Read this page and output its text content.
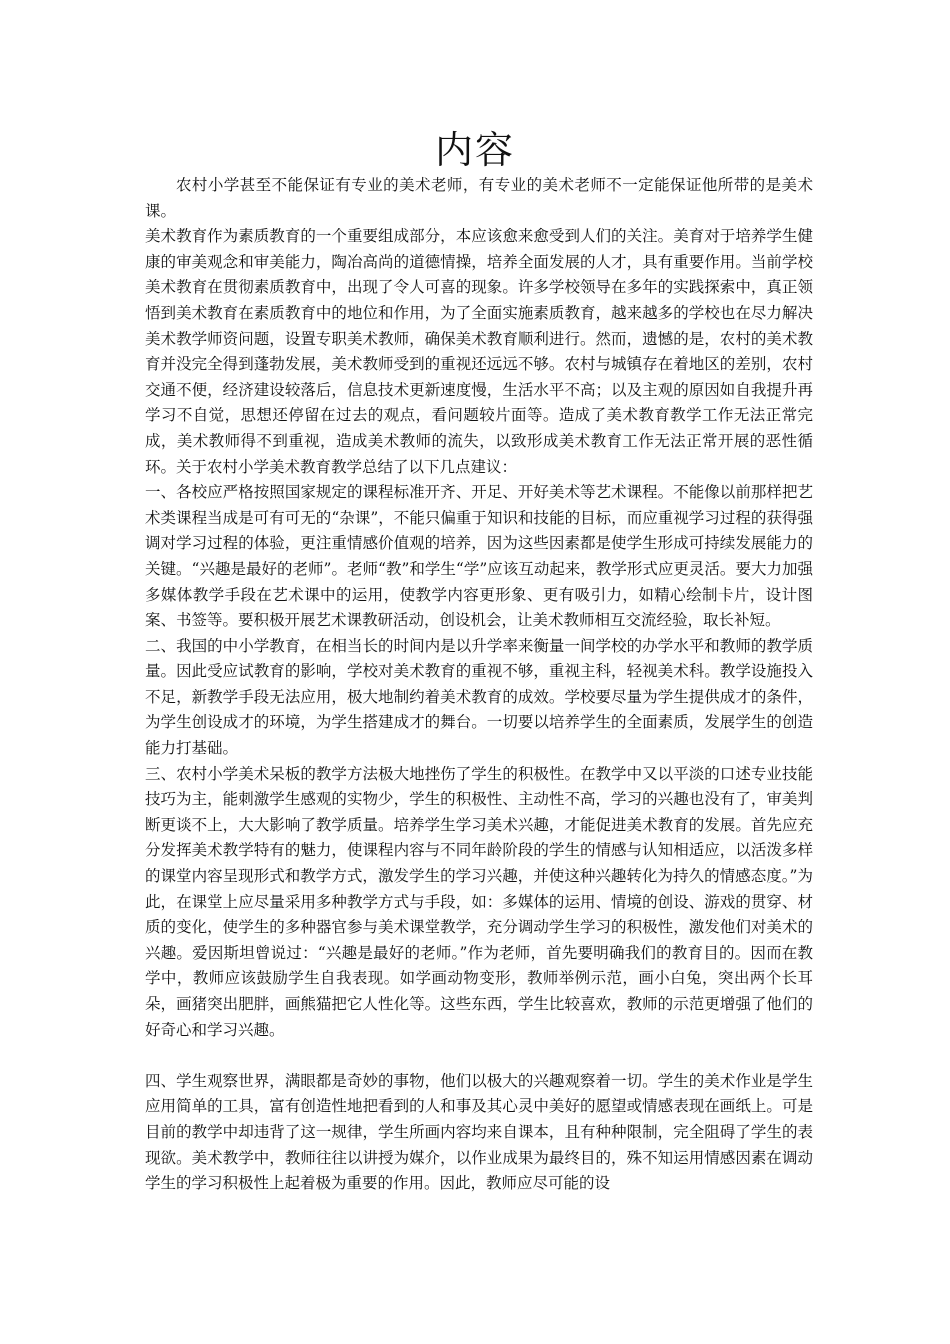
内容

农村小学甚至不能保证有专业的美术老师，有专业的美术老师不一定能保证他所带的是美术课。

美术教育作为素质教育的一个重要组成部分，本应该愈来愈受到人们的关注。美育对于培养学生健康的审美观念和审美能力，陶冶高尚的道德情操，培养全面发展的人才，具有重要作用。当前学校美术教育在贯彻素质教育中，出现了令人可喜的现象。许多学校领导在多年的实践探索中，真正领悟到美术教育在素质教育中的地位和作用，为了全面实施素质教育，越来越多的学校也在尽力解决美术教学师资问题，设置专职美术教师，确保美术教育顺利进行。然而，遗憾的是，农村的美术教育并没完全得到蓬勃发展，美术教师受到的重视还远远不够。农村与城镇存在着地区的差别，农村交通不便，经济建设较落后，信息技术更新速度慢，生活水平不高；以及主观的原因如自我提升再学习不自觉，思想还停留在过去的观点，看问题较片面等。造成了美术教育教学工作无法正常完成，美术教师得不到重视，造成美术教师的流失，以致形成美术教育工作无法正常开展的恶性循环。关于农村小学美术教育教学总结了以下几点建议：

一、各校应严格按照国家规定的课程标准开齐、开足、开好美术等艺术课程。不能像以前那样把艺术类课程当成是可有可无的“杂课”，不能只偏重于知识和技能的目标，而应重视学习过程的获得强调对学习过程的体验，更注重情感价值观的培养，因为这些因素都是使学生形成可持续发展能力的关键。“兴趣是最好的老师”。老师“教”和学生“学”应该互动起来，教学形式应更灵活。要大力加强多媒体教学手段在艺术课中的运用，使教学内容更形象、更有吸引力，如精心绘制卡片，设计图案、书签等。要积极开展艺术课教研活动，创设机会，让美术教师相互交流经验，取长补短。

二、我国的中小学教育，在相当长的时间内是以升学率来衡量一间学校的办学水平和教师的教学质量。因此受应试教育的影响，学校对美术教育的重视不够，重视主科，轻视美术科。教学设施投入不足，新教学手段无法应用，极大地制约着美术教育的成效。学校要尽量为学生提供成才的条件，为学生创设成才的环境，为学生搭建成才的舞台。一切要以培养学生的全面素质，发展学生的创造能力打基础。

三、农村小学美术呆板的教学方法极大地挫伤了学生的积极性。在教学中又以平淡的口述专业技能技巧为主，能刺激学生感观的实物少，学生的积极性、主动性不高，学习的兴趣也没有了，审美判断更谈不上，大大影响了教学质量。培养学生学习美术兴趣，才能促进美术教育的发展。首先应充分发挥美术教学特有的魅力，使课程内容与不同年龄阶段的学生的情感与认知相适应，以活泼多样的课堂内容呈现形式和教学方式，激发学生的学习兴趣，并使这种兴趣转化为持久的情感态度。”为此，在课堂上应尽量采用多种教学方式与手段，如：多媒体的运用、情境的创设、游戏的贯穿、材质的变化，使学生的多种器官参与美术课堂教学，充分调动学生学习的积极性，激发他们对美术的兴趣。爱因斯坦曾说过：“兴趣是最好的老师。”作为老师，首先要明确我们的教育目的。因而在教学中，教师应该鼓励学生自我表现。如学画动物变形，教师举例示范，画小白兔，突出两个长耳朵，画猪突出肥胖，画熊猫把它人性化等。这些东西，学生比较喜欢，教师的示范更增强了他们的好奇心和学习兴趣。

四、学生观察世界，满眼都是奇妙的事物，他们以极大的兴趣观察着一切。学生的美术作业是学生应用简单的工具，富有创造性地把看到的人和事及其心灵中美好的愿望或情感表现在画纸上。可是目前的教学中却违背了这一规律，学生所画内容均来自课本，且有种种限制，完全阻碍了学生的表现欲。美术教学中，教师往往以讲授为媒介，以作业成果为最终目的，殊不知运用情感因素在调动学生的学习积极性上起着极为重要的作用。因此，教师应尽可能的设
